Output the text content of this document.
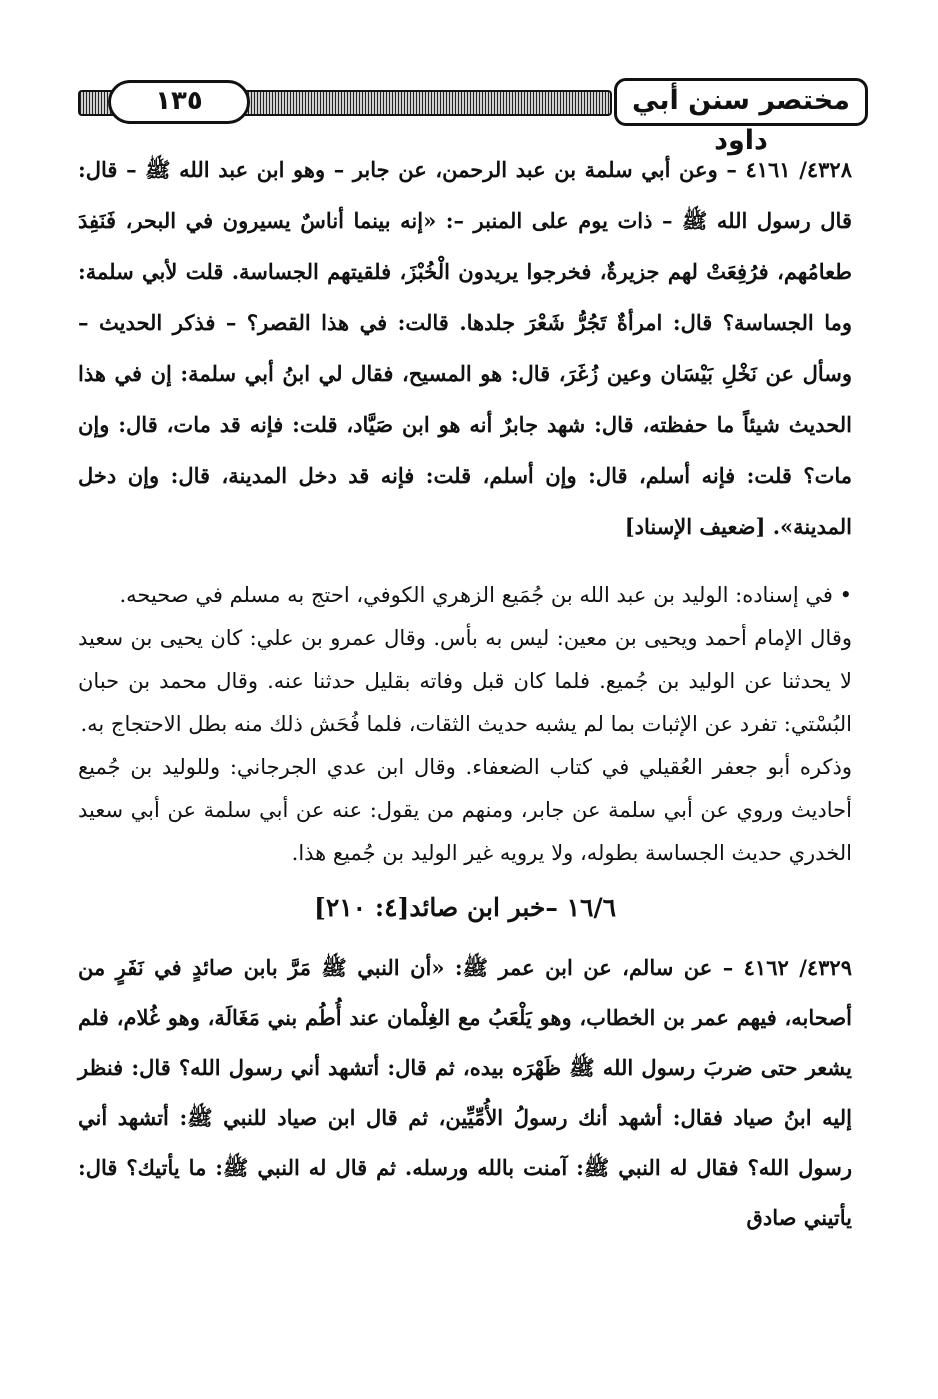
١٣٥	مختصر سنن أبي داود

٤٣٢٨/ ٤١٦١ – وعن أبي سلمة بن عبد الرحمن، عن جابر – وهو ابن عبد الله ﷺ – قال: قال رسول الله ﷺ – ذات يوم على المنبر –: «إنه بينما أناسٌ يسيرون في البحر، فَنَفِدَ طعامُهم، فرُفِعَتْ لهم جزيرةٌ، فخرجوا يريدون الْخُبْزَ، فلقيتهم الجساسة. قلت لأبي سلمة: وما الجساسة؟ قال: امرأةٌ تَجُرُّ شَعْرَ جلدها. قالت: في هذا القصر؟ – فذكر الحديث –وسأل عن نَخْلِ بَيْسَان وعين زُغَرَ، قال: هو المسيح، فقال لي ابنُ أبي سلمة: إن في هذا الحديث شيئاً ما حفظته، قال: شهد جابرٌ أنه هو ابن صَيَّاد، قلت: فإنه قد مات، قال: وإن مات؟ قلت: فإنه أسلم، قال: وإن أسلم، قلت: فإنه قد دخل المدينة، قال: وإن دخل المدينة». [ضعيف الإسناد]

• في إسناده: الوليد بن عبد الله بن جُمَيع الزهري الكوفي، احتج به مسلم في صحيحه.

وقال الإمام أحمد ويحيى بن معين: ليس به بأس. وقال عمرو بن علي: كان يحيى بن سعيد لا يحدثنا عن الوليد بن جُميع. فلما كان قبل وفاته بقليل حدثنا عنه. وقال محمد بن حبان البُسْتي: تفرد عن الإثبات بما لم يشبه حديث الثقات، فلما فُحَش ذلك منه بطل الاحتجاج به.

وذكره أبو جعفر العُقيلي في كتاب الضعفاء. وقال ابن عدي الجرجاني: وللوليد بن جُميع أحاديث وروي عن أبي سلمة عن جابر، ومنهم من يقول: عنه عن أبي سلمة عن أبي سعيد الخدري حديث الجساسة بطوله، ولا يرويه غير الوليد بن جُميع هذا.

١٦/٦ –خبر ابن صائد[٤: ٢١٠]

٤٣٢٩/ ٤١٦٢ – عن سالم، عن ابن عمر ﷺ: «أن النبي ﷺ مَرَّ بابن صائدٍ في نَفَرٍ من أصحابه، فيهم عمر بن الخطاب، وهو يَلْعَبُ مع الغِلْمان عند أُطُم بني مَغَالَة، وهو غُلام، فلم يشعر حتى ضربَ رسول الله ﷺ ظَهْرَه بيده، ثم قال: أتشهد أني رسول الله؟ قال: فنظر إليه ابنُ صياد فقال: أشهد أنك رسولُ الأُمِّيِّين، ثم قال ابن صياد للنبي ﷺ: أتشهد أني رسول الله؟ فقال له النبي ﷺ: آمنت بالله ورسله. ثم قال له النبي ﷺ: ما يأتيك؟ قال: يأتيني صادق
